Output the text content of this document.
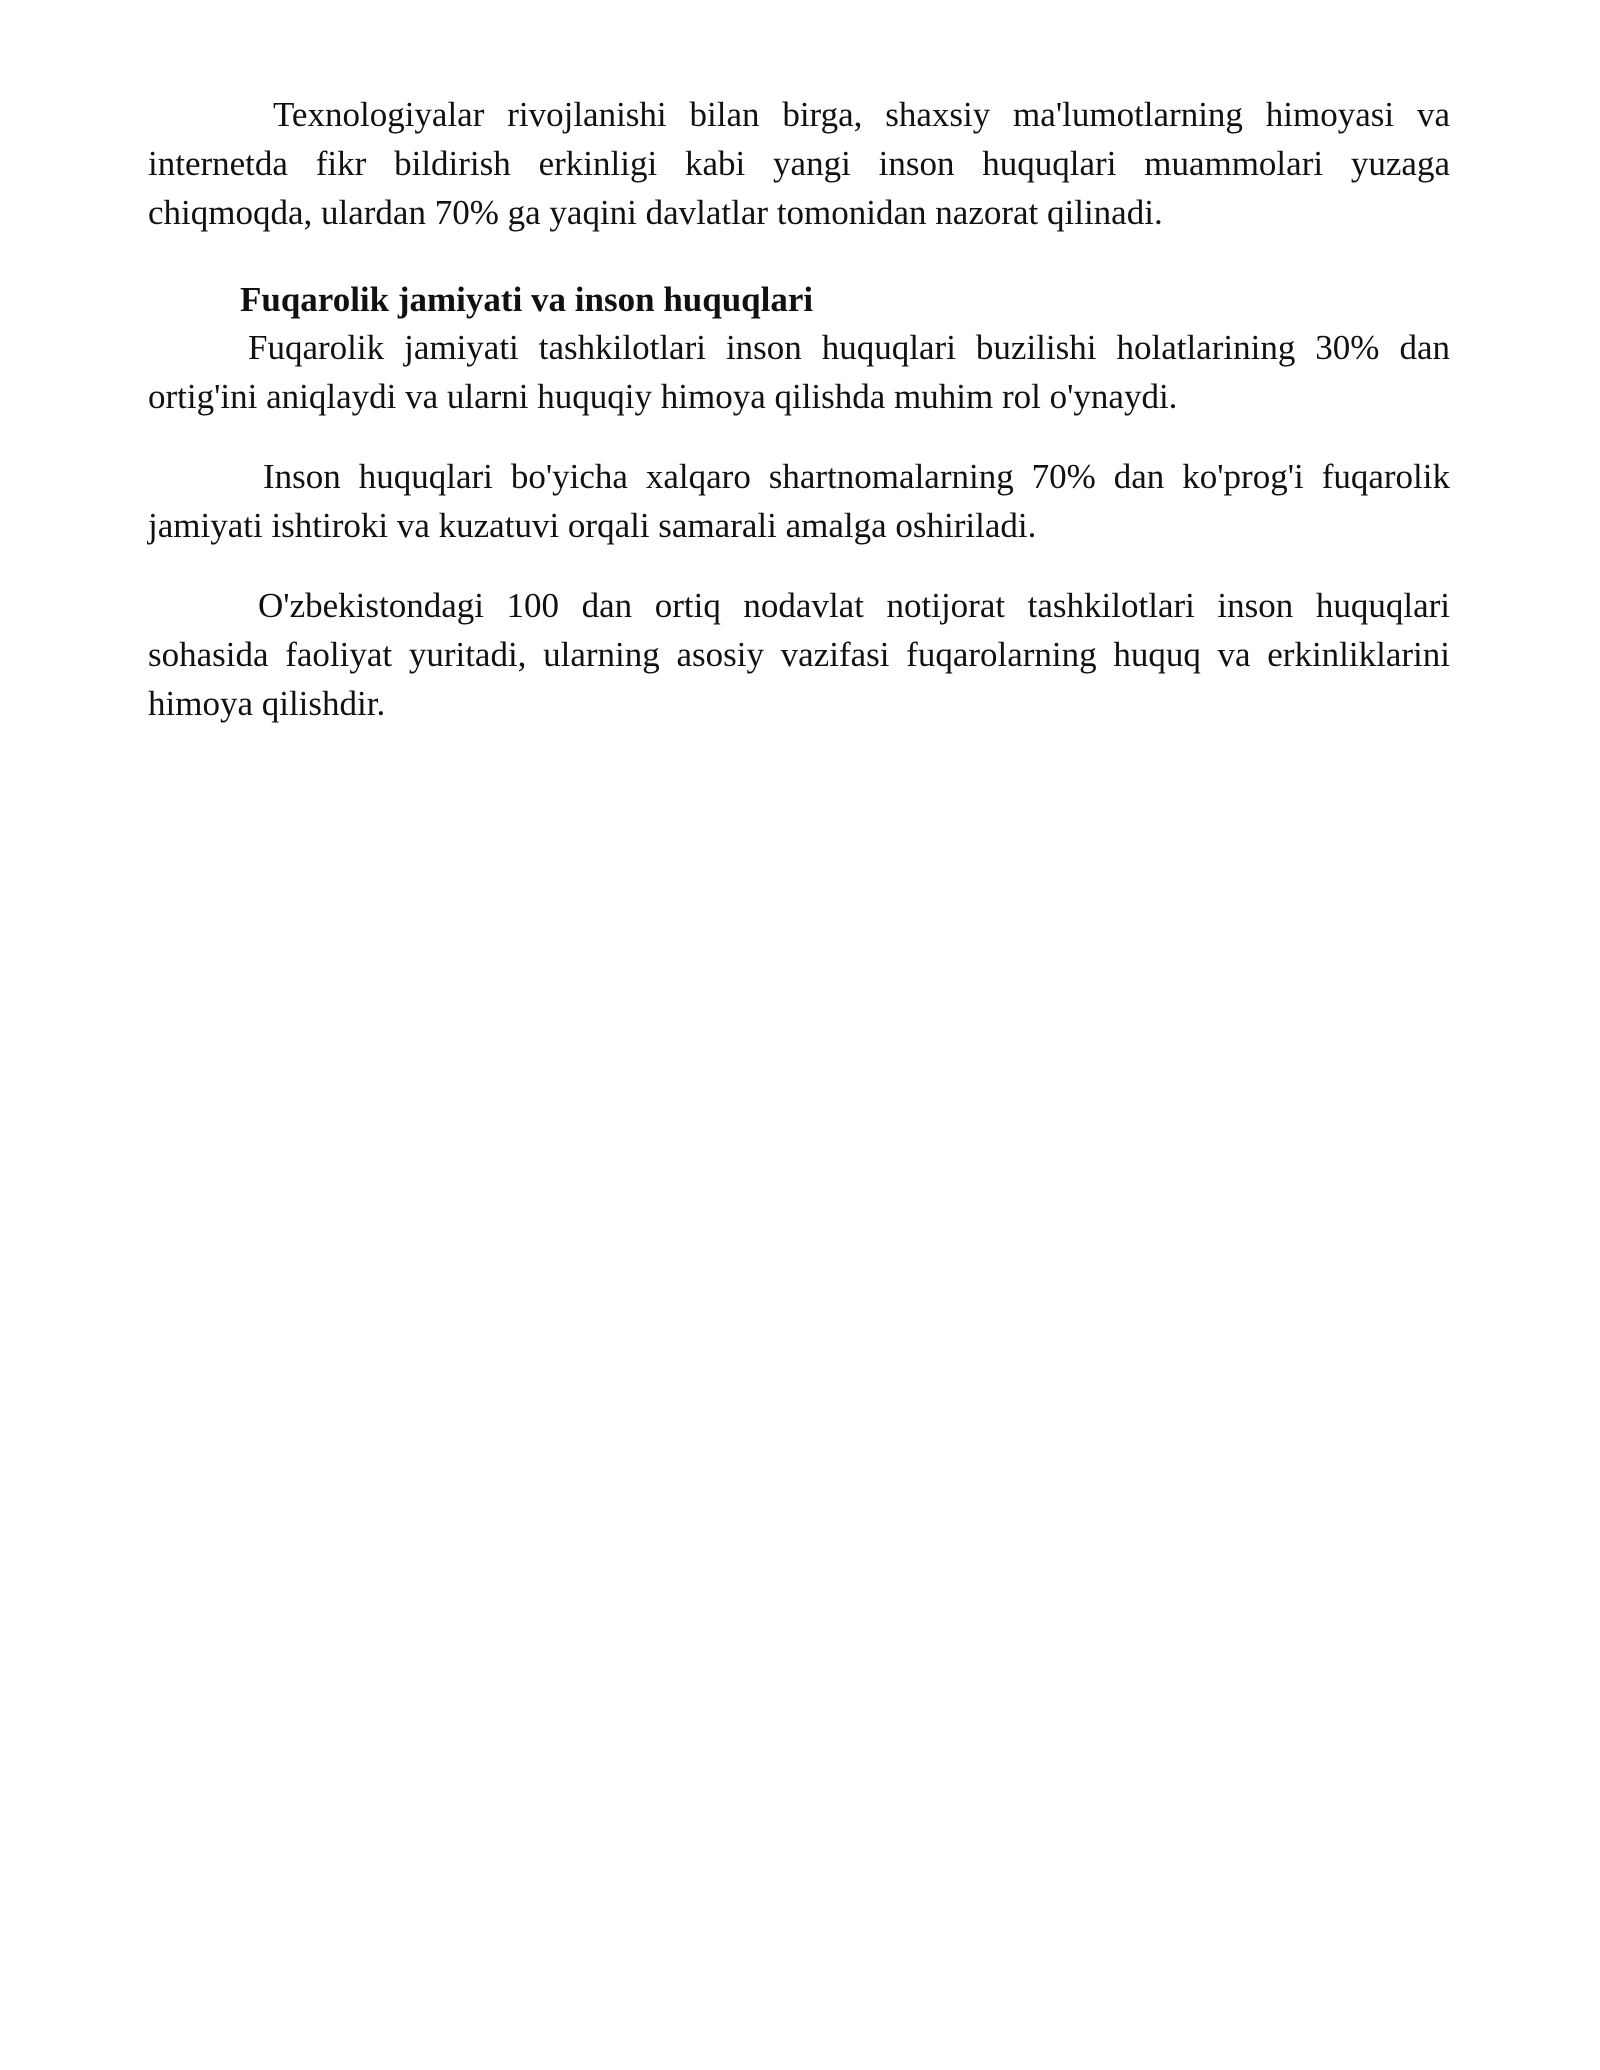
Texnologiyalar rivojlanishi bilan birga, shaxsiy ma'lumotlarning himoyasi va internetda fikr bildirish erkinligi kabi yangi inson huquqlari muammolari yuzaga chiqmoqda, ulardan 70% ga yaqini davlatlar tomonidan nazorat qilinadi.

Fuqarolik jamiyati va inson huquqlari

Fuqarolik jamiyati tashkilotlari inson huquqlari buzilishi holatlarining 30% dan ortig'ini aniqlaydi va ularni huquqiy himoya qilishda muhim rol o'ynaydi.

Inson huquqlari bo'yicha xalqaro shartnomalarning 70% dan ko'prog'i fuqarolik jamiyati ishtiroki va kuzatuvi orqali samarali amalga oshiriladi.

O'zbekistondagi 100 dan ortiq nodavlat notijorat tashkilotlari inson huquqlari sohasida faoliyat yuritadi, ularning asosiy vazifasi fuqarolarning huquq va erkinliklarini himoya qilishdir.
